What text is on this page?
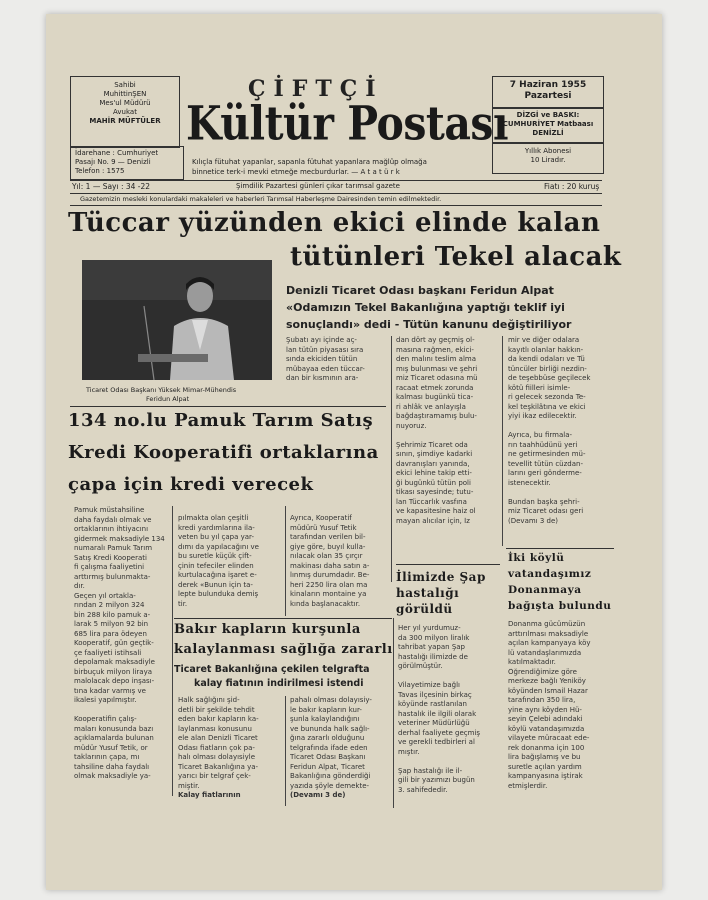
Sahibi
MuhittinŞEN
Mes'ul Müdürü
Avukat
MAHİR MÜFTÜLER
İdarehane : Cumhuriyet
Pasajı No. 9 — Denizli
Telefon : 1575
7 Haziran 1955
Pazartesi
DİZGİ ve BASKI:
CUMHURİYET Matbaası
DENİZLİ
Yıllık Abonesi
10 Liradır.
ÇİFTÇİ
Kültür Postası
Kılıçla fütuhat yapanlar, sapanla fütuhat yapanlara mağlûp olmağa
binnetice terk-i mevki etmeğe mecburdurlar. — A t a t ü r k
Yıl: 1 — Sayı : 34 -22	Şimdilik Pazartesi günleri çıkar tarımsal gazete	Fiatı : 20 kuruş
Gazetemizin mesleki konulardaki makaleleri ve haberleri Tarımsal Haberleşme Dairesinden temin edilmektedir.
Tüccar yüzünden ekici elinde kalan
tütünleri Tekel alacak
Ticaret Odası Başkanı Yüksek Mimar-Mühendis
Feridun Alpat
Denizli Ticaret Odası başkanı Feridun Alpat
«Odamızın Tekel Bakanlığına yaptığı teklif iyi
sonuçlandı» dedi - Tütün kanunu değiştiriliyor
Şubatı ayı içinde aç-
lan tütün piyasası sıra
sında ekiciden tütün
mübayaa eden tüccar-
dan bir kısmının ara-
dan dört ay geçmiş ol-
masına rağmen, ekici-
den malını teslim alma
mış bulunması ve şehri
miz Ticaret odasına mü
racaat etmek zorunda
kalması bugünkü tica-
ri ahlâk ve anlayışla
bağdaştıramamış bulu-
nuyoruz.

Şehrimiz Ticaret oda
sının, şimdiye kadarki
davranışları yanında,
ekici lehine takip etti-
ği bugünkü tütün poli
tikası sayesinde; tutu-
lan Tüccarlık vasfına
ve kapasitesine haiz ol
mayan alıcılar için, İz
mir ve diğer odalara
kayıtlı olanlar hakkın-
da kendi odaları ve Tü
tüncüler birliği nezdin-
de teşebbüse geçilecek
kötü fiilleri isimle-
ri gelecek sezonda Te-
kel teşkilâtına ve ekici
yiyi ikaz edilecektir.

Ayrıca, bu firmala-
rın taahhüdünü yeri
ne getirmesinden mü-
tevellit tütün cüzdan-
larını geri gönderme-
istenecektir.

Bundan başka şehri-
miz Ticaret odası geri
(Devamı 3 de)
134 no.lu Pamuk Tarım Satış
Kredi Kooperatifi ortaklarına
çapa için kredi verecek
Pamuk müstahsiline
daha faydalı olmak ve
ortaklarının ihtiyacını
gidermek maksadiyle 134
numaralı Pamuk Tarım
Satış Kredi Kooperati
fi çalışma faaliyetini
arttırmış bulunmakta-
dır.
Geçen yıl ortakla-
rından 2 milyon 324
bin 288 kilo pamuk a-
larak 5 milyon 92 bin
685 lira para ödeyen
Kooperatif, gün geçtik-
çe faaliyeti istihsali
depolamak maksadiyle
birbuçuk milyon liraya
malolacak depo inşası-
tına kadar varmış ve
ikalesi yapılmıştır.

Kooperatifin çalış-
maları konusunda bazı
açıklamalarda bulunan
müdür Yusuf Tetik, or
taklarının çapa, mı
tahsiline daha faydalı
olmak maksadiyle ya-
pılmakta olan çeşitli
kredi yardımlarına ila-
veten bu yıl çapa yar-
dımı da yapılacağını ve
bu suretle küçük çift-
çinin tefeciler elinden
kurtulacağına işaret e-
derek «Bunun için ta-
lepte bulunduka demiş
tir.
Ayrıca, Kooperatif
müdürü Yusuf Tetik
tarafından verilen bil-
giye göre, buyıl kulla-
nılacak olan 35 çırçır
makinası daha satın a-
lınmış durumdadır. Be-
heri 2250 lira olan ma
kinaların montaine ya
kında başlanacaktır.
İlimizde Şap
hastalığı
görüldü
Her yıl yurdumuz-
da 300 milyon liralık
tahribat yapan Şap
hastalığı ilimizde de
görülmüştür.

Vilayetimize bağlı
Tavas ilçesinin birkaç
köyünde rastlanılan
hastalık ile ilgili olarak
veteriner Müdürlüğü
derhal faaliyete geçmiş
ve gerekli tedbirleri al
mıştır.

Şap hastalığı ile il-
gili bir yazımızı bugün
3. sahifededir.
Bakır kapların kurşunla
kalaylanması sağlığa zararlı
Ticaret Bakanlığına çekilen telgrafta
kalay fiatının indirilmesi istendi
Halk sağlığını şid-
detli bir şekilde tehdit
eden bakır kapların ka-
laylanması konusunu
ele alan Denizli Ticaret
Odası fiatların çok pa-
halı olması dolayısiyle
Ticaret Bakanlığına ya-
yarıcı bir telgraf çek-
miştir.
Kalay fiatlarının
pahalı olması dolayısiy-
le bakır kapların kur-
şunla kalaylandığını
ve bununda halk sağlı-
ğına zararlı olduğunu
telgrafında ifade eden
Ticaret Odası Başkanı
Feridun Alpat, Ticaret
Bakanlığına gönderdiği
yazıda şöyle demekte-
(Devamı 3 de)
İki köylü
vatandaşımız
Donanmaya
bağışta bulundu
Donanma gücümüzün
arttırılması maksadiyle
açılan kampanyaya köy
lü vatandaşlarımızda
katılmaktadır.
Öğrendiğimize göre
merkeze bağlı Yeniköy
köyünden İsmail Hazar
tarafından 350 lira,
yine aynı köyden Hü-
seyin Çelebi adındaki
köylü vatandaşımızda
vilayete müracaat ede-
rek donanma için 100
lira bağışlamış ve bu
suretle açılan yardım
kampanyasına iştirak
etmişlerdir.
